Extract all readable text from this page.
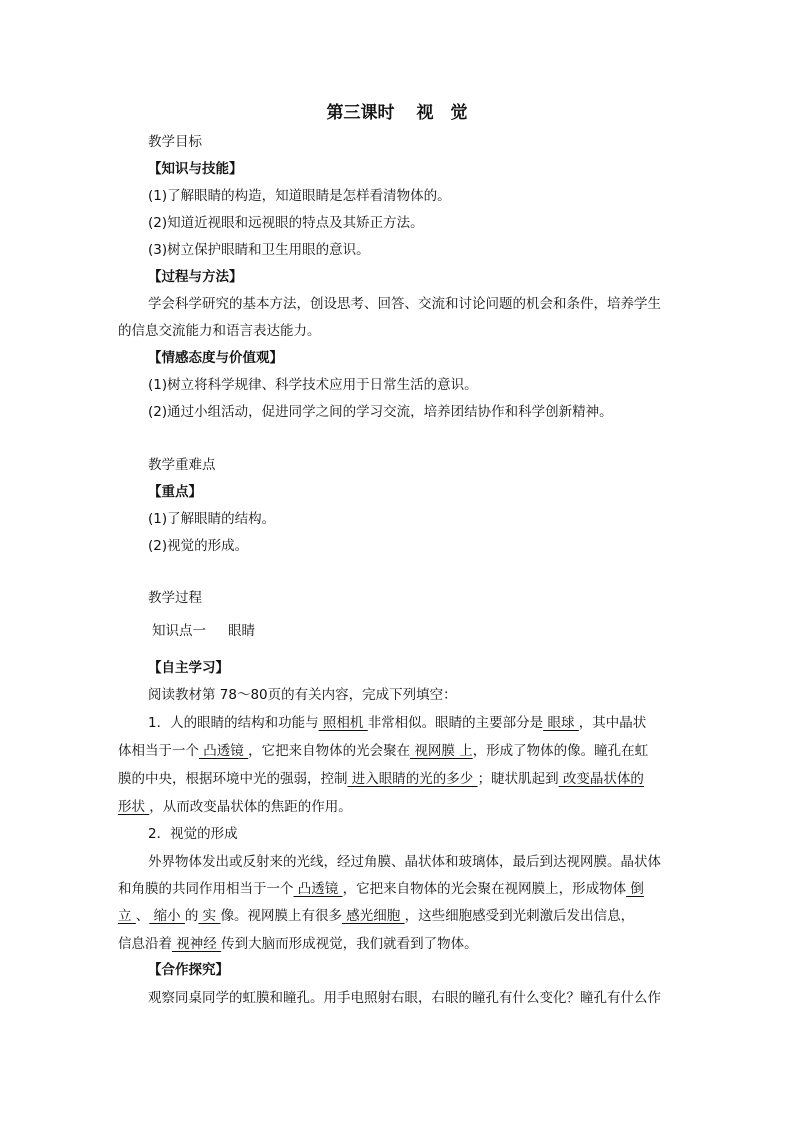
第三课时 视　觉
教学目标
【知识与技能】
(1)了解眼睛的构造，知道眼睛是怎样看清物体的。
(2)知道近视眼和远视眼的特点及其矫正方法。
(3)树立保护眼睛和卫生用眼的意识。
【过程与方法】
学会科学研究的基本方法，创设思考、回答、交流和讨论问题的机会和条件，培养学生
的信息交流能力和语言表达能力。
【情感态度与价值观】
(1)树立将科学规律、科学技术应用于日常生活的意识。
(2)通过小组活动，促进同学之间的学习交流，培养团结协作和科学创新精神。
教学重难点
【重点】
(1)了解眼睛的结构。
(2)视觉的形成。
教学过程
知识点一 眼睛
【自主学习】
阅读教材第 78～80页的有关内容，完成下列填空：
1．人的眼睛的结构和功能与 照相机 非常相似。眼睛的主要部分是 眼球 ，其中晶状
体相当于一个 凸透镜 ，它把来自物体的光会聚在 视网膜 上，形成了物体的像。瞳孔在虹
膜的中央，根据环境中光的强弱，控制 进入眼睛的光的多少 ；睫状肌起到 改变晶状体的
形状 ，从而改变晶状体的焦距的作用。
2．视觉的形成
外界物体发出或反射来的光线，经过角膜、晶状体和玻璃体，最后到达视网膜。晶状体
和角膜的共同作用相当于一个 凸透镜 ，它把来自物体的光会聚在视网膜上，形成物体 倒
立 、 缩小 的 实 像。视网膜上有很多 感光细胞 ，这些细胞感受到光刺激后发出信息，
信息沿着 视神经 传到大脑而形成视觉，我们就看到了物体。
【合作探究】
观察同桌同学的虹膜和瞳孔。用手电照射右眼，右眼的瞳孔有什么变化？瞳孔有什么作
